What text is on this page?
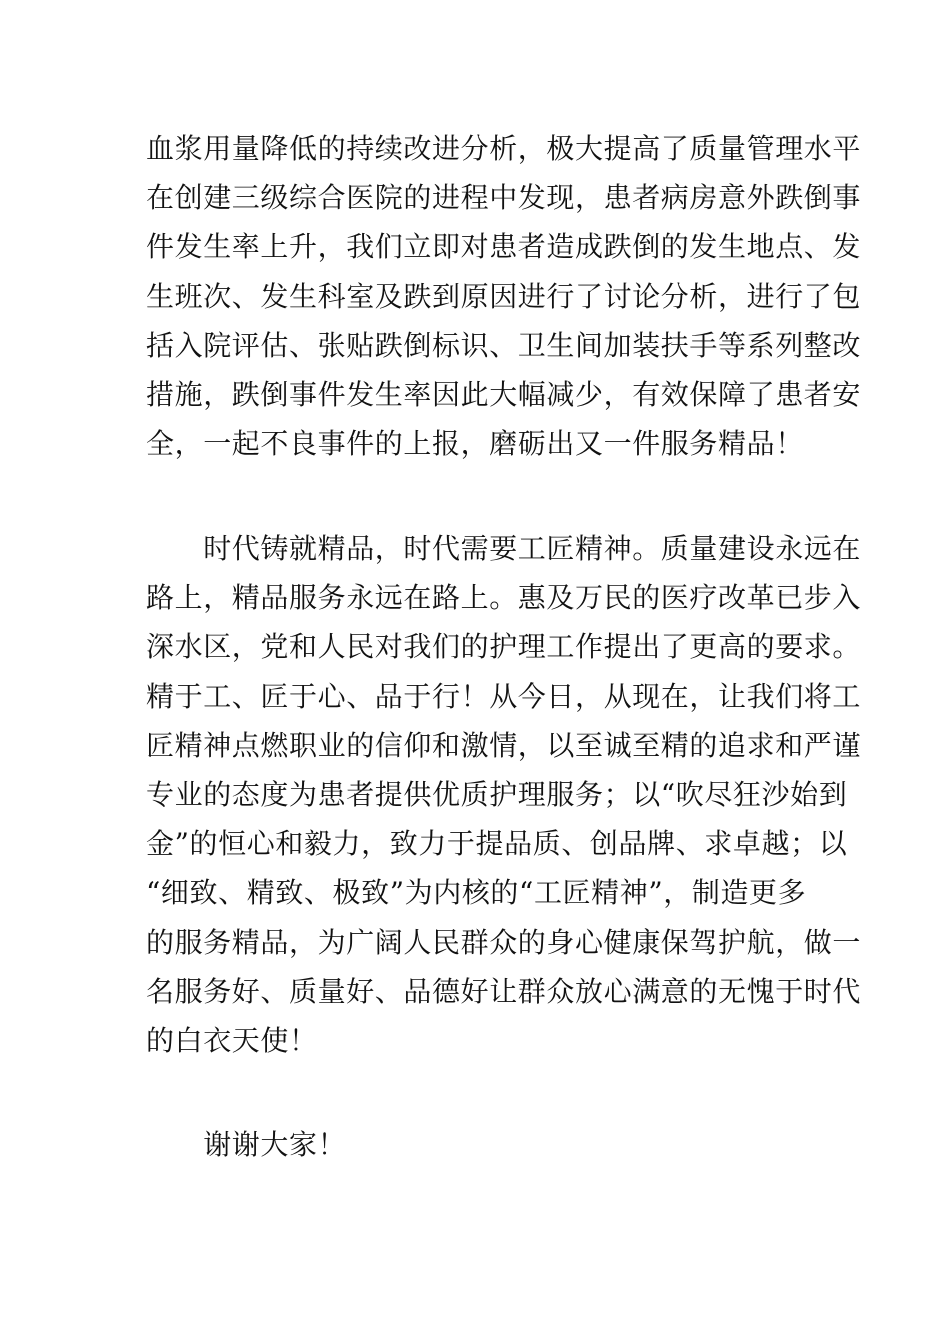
血浆用量降低的持续改进分析，极大提高了质量管理水平
在创建三级综合医院的进程中发现，患者病房意外跌倒事
件发生率上升，我们立即对患者造成跌倒的发生地点、发
生班次、发生科室及跌到原因进行了讨论分析，进行了包
括入院评估、张贴跌倒标识、卫生间加装扶手等系列整改
措施，跌倒事件发生率因此大幅减少，有效保障了患者安
全，一起不良事件的上报，磨砺出又一件服务精品！
　　时代铸就精品，时代需要工匠精神。质量建设永远在
路上，精品服务永远在路上。惠及万民的医疗改革已步入
深水区，党和人民对我们的护理工作提出了更高的要求。
精于工、匠于心、品于行！从今日，从现在，让我们将工
匠精神点燃职业的信仰和激情，以至诚至精的追求和严谨
专业的态度为患者提供优质护理服务；以“吹尽狂沙始到
金”的恒心和毅力，致力于提品质、创品牌、求卓越；以
“细致、精致、极致”为内核的“工匠精神”，制造更多
的服务精品，为广阔人民群众的身心健康保驾护航，做一
名服务好、质量好、品德好让群众放心满意的无愧于时代
的白衣天使！
　　谢谢大家！
